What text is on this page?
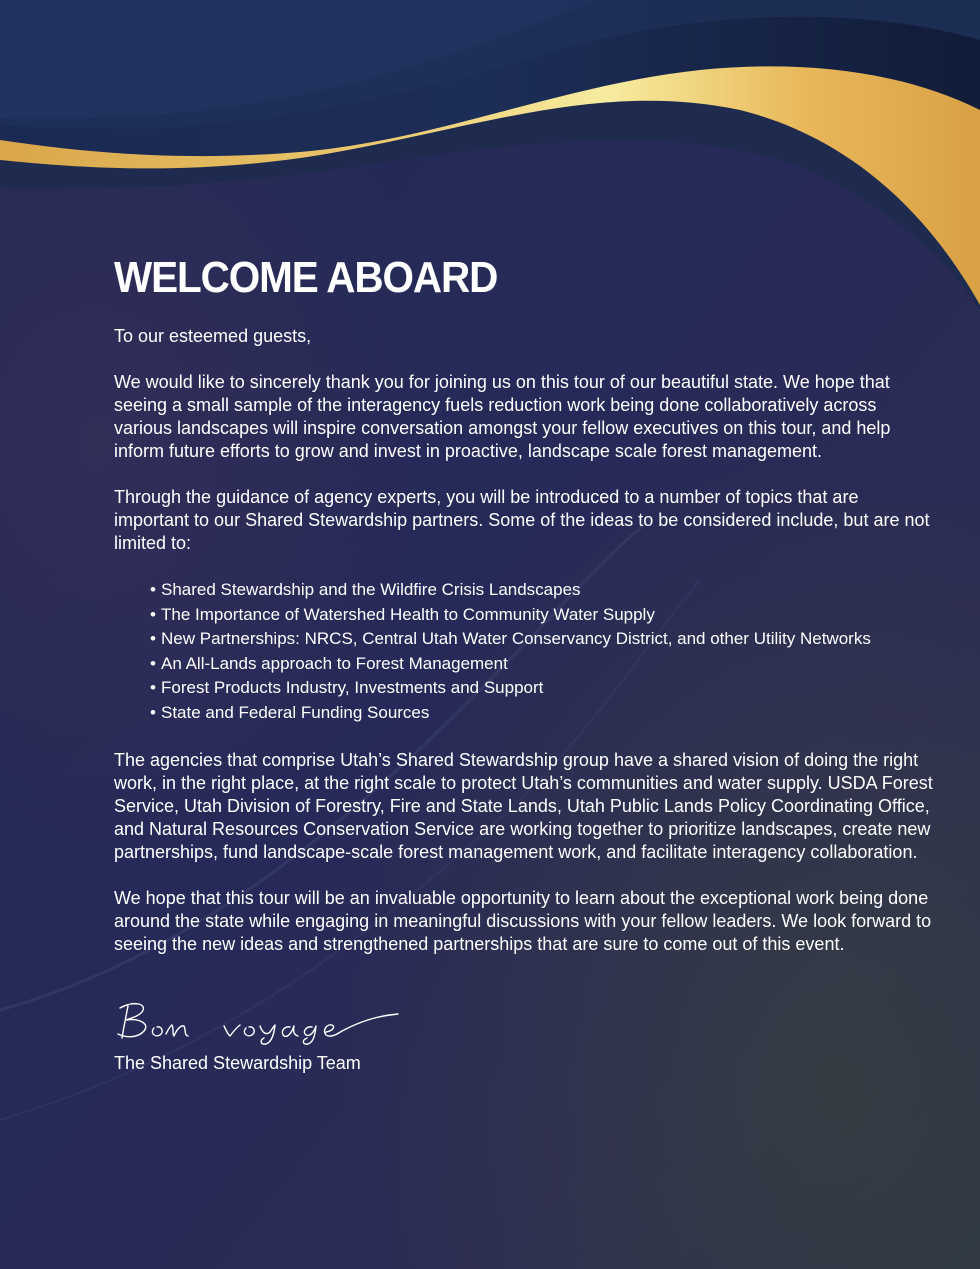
WELCOME ABOARD

To our esteemed guests,

We would like to sincerely thank you for joining us on this tour of our beautiful state. We hope that seeing a small sample of the interagency fuels reduction work being done collaboratively across various landscapes will inspire conversation amongst your fellow executives on this tour, and help inform future efforts to grow and invest in proactive, landscape scale forest management.

Through the guidance of agency experts, you will be introduced to a number of topics that are important to our Shared Stewardship partners. Some of the ideas to be considered include, but are not limited to:

• Shared Stewardship and the Wildfire Crisis Landscapes
• The Importance of Watershed Health to Community Water Supply
• New Partnerships: NRCS, Central Utah Water Conservancy District, and other Utility Networks
• An All-Lands approach to Forest Management
• Forest Products Industry, Investments and Support
• State and Federal Funding Sources

The agencies that comprise Utah’s Shared Stewardship group have a shared vision of doing the right work, in the right place, at the right scale to protect Utah’s communities and water supply. USDA Forest Service, Utah Division of Forestry, Fire and State Lands, Utah Public Lands Policy Coordinating Office, and Natural Resources Conservation Service are working together to prioritize landscapes, create new partnerships, fund landscape-scale forest management work, and facilitate interagency collaboration.

We hope that this tour will be an invaluable opportunity to learn about the exceptional work being done around the state while engaging in meaningful discussions with your fellow leaders. We look forward to seeing the new ideas and strengthened partnerships that are sure to come out of this event.

The Shared Stewardship Team
